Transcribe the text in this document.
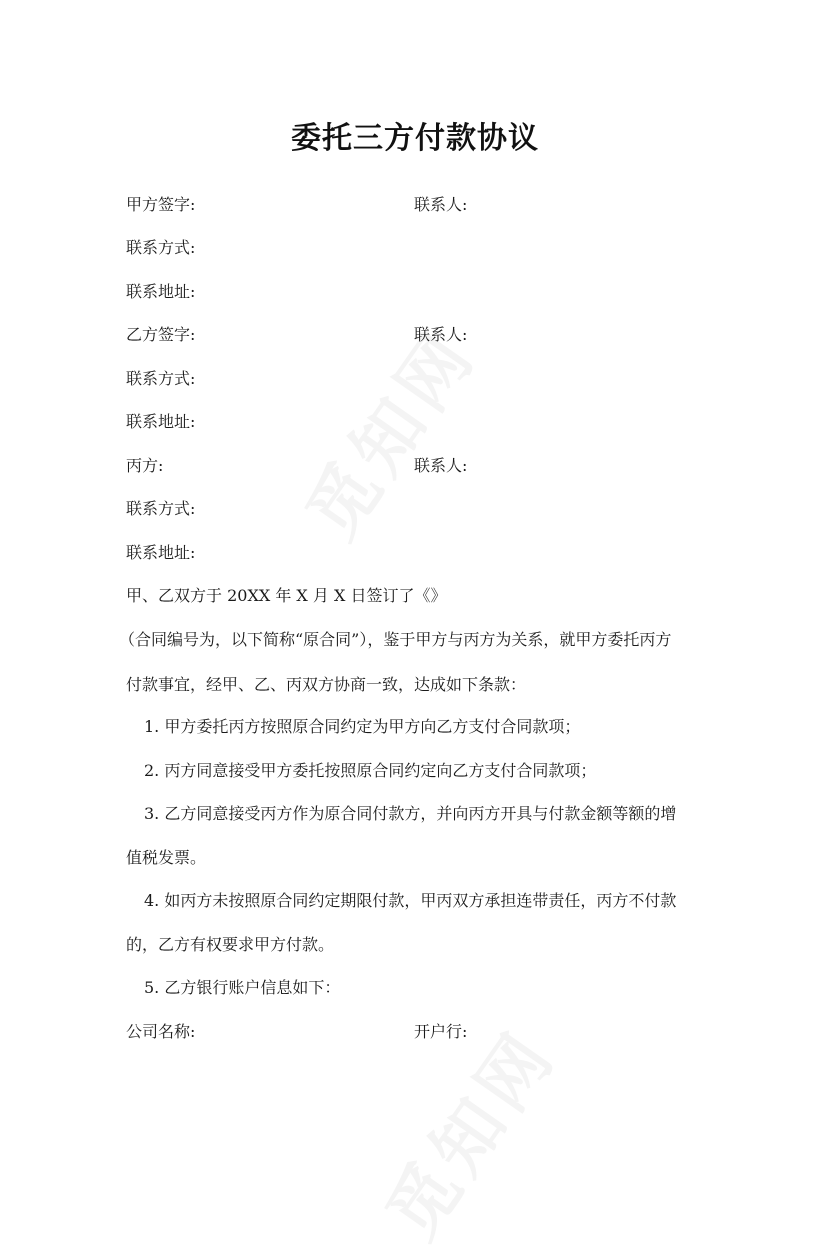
委托三方付款协议
甲方签字:	联系人:
联系方式:
联系地址:
乙方签字:	联系人:
联系方式:
联系地址:
丙方:	联系人:
联系方式:
联系地址:
甲、乙双方于 20XX 年 X 月 X 日签订了《》
（合同编号为，以下简称“原合同”），鉴于甲方与丙方为关系，就甲方委托丙方
付款事宜，经甲、乙、丙双方协商一致，达成如下条款：
1. 甲方委托丙方按照原合同约定为甲方向乙方支付合同款项；
2. 丙方同意接受甲方委托按照原合同约定向乙方支付合同款项；
3. 乙方同意接受丙方作为原合同付款方，并向丙方开具与付款金额等额的增
值税发票。
4. 如丙方未按照原合同约定期限付款，甲丙双方承担连带责任，丙方不付款
的，乙方有权要求甲方付款。
5. 乙方银行账户信息如下：
公司名称:	开户行:
